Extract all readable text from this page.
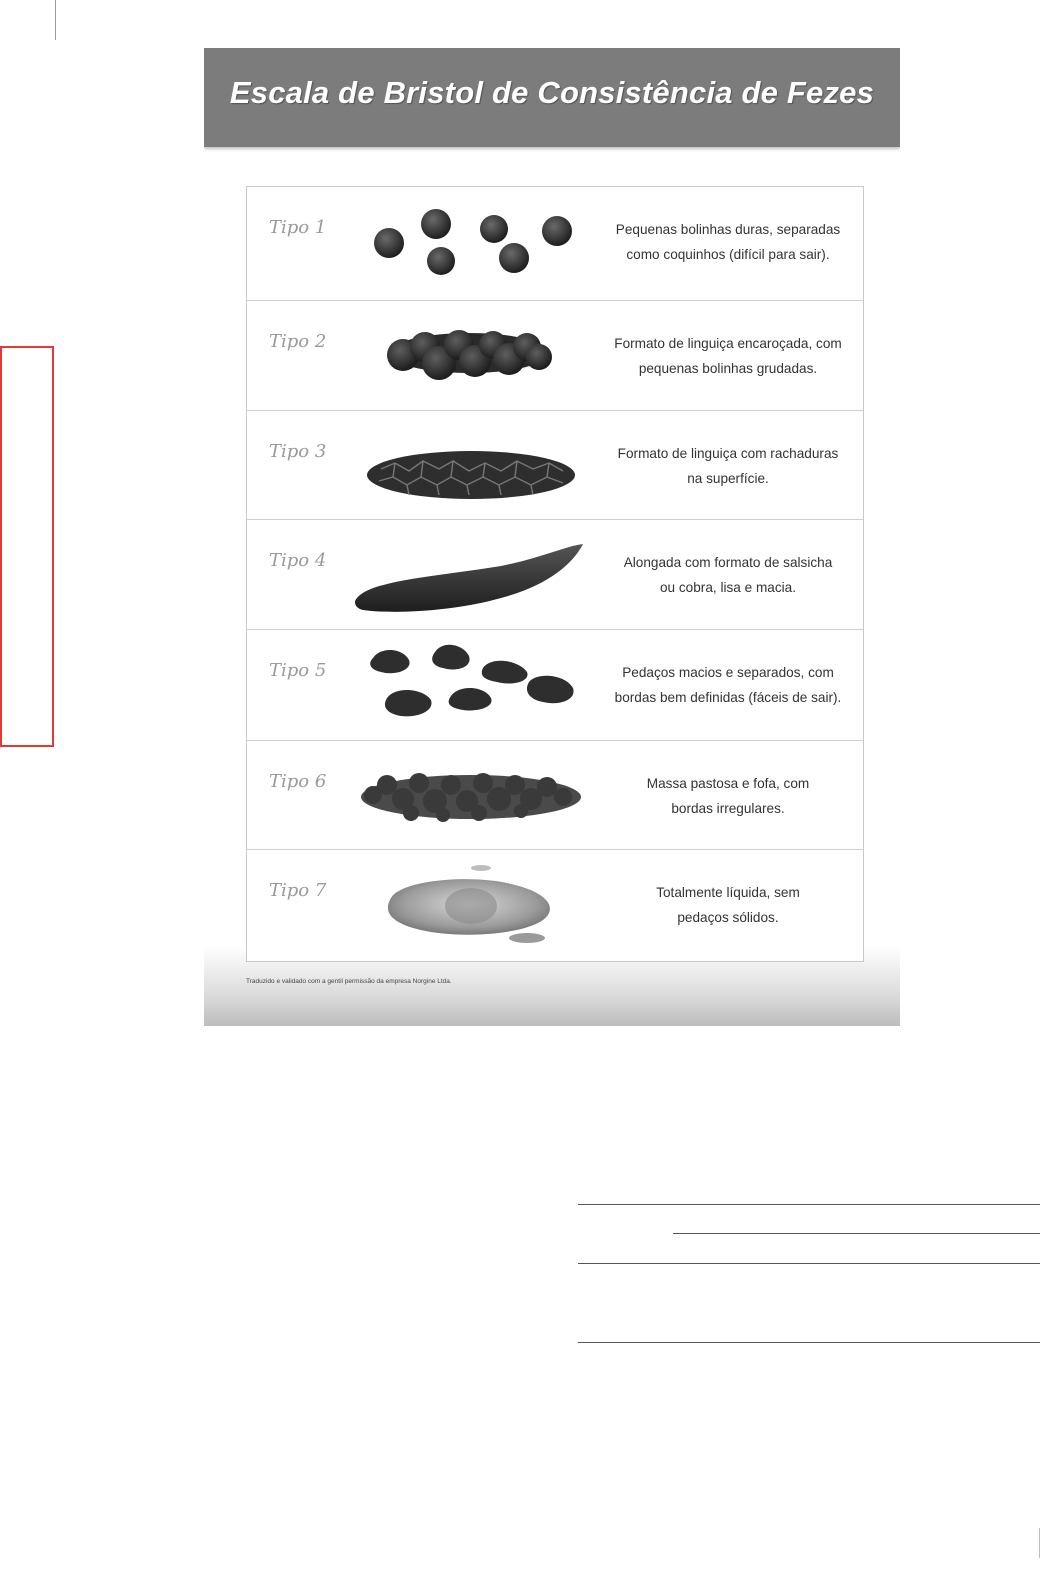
Escala de Bristol de Consistência de Fezes
Tipo 1	Pequenas bolinhas duras, separadas
como coquinhos (difícil para sair).
Tipo 2	Formato de linguiça encaroçada, com
pequenas bolinhas grudadas.
Tipo 3	Formato de linguiça com rachaduras
na superfície.
Tipo 4	Alongada com formato de salsicha
ou cobra, lisa e macia.
Tipo 5	Pedaços macios e separados, com
bordas bem definidas (fáceis de sair).
Tipo 6	Massa pastosa e fofa, com
bordas irregulares.
Tipo 7	Totalmente líquida, sem
pedaços sólidos.
Traduzido e validado com a gentil permissão da empresa Norgine Ltda.
